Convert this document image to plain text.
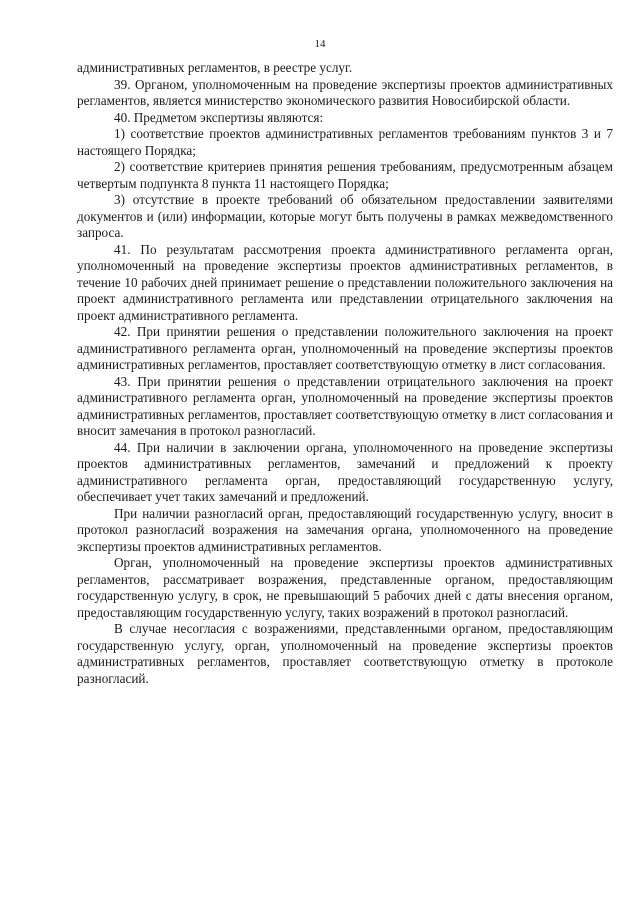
14

административных регламентов, в реестре услуг.

39. Органом, уполномоченным на проведение экспертизы проектов административных регламентов, является министерство экономического развития Новосибирской области.

40. Предметом экспертизы являются:

1) соответствие проектов административных регламентов требованиям пунктов 3 и 7 настоящего Порядка;

2) соответствие критериев принятия решения требованиям, предусмотренным абзацем четвертым подпункта 8 пункта 11 настоящего Порядка;

3) отсутствие в проекте требований об обязательном предоставлении заявителями документов и (или) информации, которые могут быть получены в рамках межведомственного запроса.

41. По результатам рассмотрения проекта административного регламента орган, уполномоченный на проведение экспертизы проектов административных регламентов, в течение 10 рабочих дней принимает решение о представлении положительного заключения на проект административного регламента или представлении отрицательного заключения на проект административного регламента.

42. При принятии решения о представлении положительного заключения на проект административного регламента орган, уполномоченный на проведение экспертизы проектов административных регламентов, проставляет соответствующую отметку в лист согласования.

43. При принятии решения о представлении отрицательного заключения на проект административного регламента орган, уполномоченный на проведение экспертизы проектов административных регламентов, проставляет соответствующую отметку в лист согласования и вносит замечания в протокол разногласий.

44. При наличии в заключении органа, уполномоченного на проведение экспертизы проектов административных регламентов, замечаний и предложений к проекту административного регламента орган, предоставляющий государственную услугу, обеспечивает учет таких замечаний и предложений.

При наличии разногласий орган, предоставляющий государственную услугу, вносит в протокол разногласий возражения на замечания органа, уполномоченного на проведение экспертизы проектов административных регламентов.

Орган, уполномоченный на проведение экспертизы проектов административных регламентов, рассматривает возражения, представленные органом, предоставляющим государственную услугу, в срок, не превышающий 5 рабочих дней с даты внесения органом, предоставляющим государственную услугу, таких возражений в протокол разногласий.

В случае несогласия с возражениями, представленными органом, предоставляющим государственную услугу, орган, уполномоченный на проведение экспертизы проектов административных регламентов, проставляет соответствующую отметку в протоколе разногласий.
